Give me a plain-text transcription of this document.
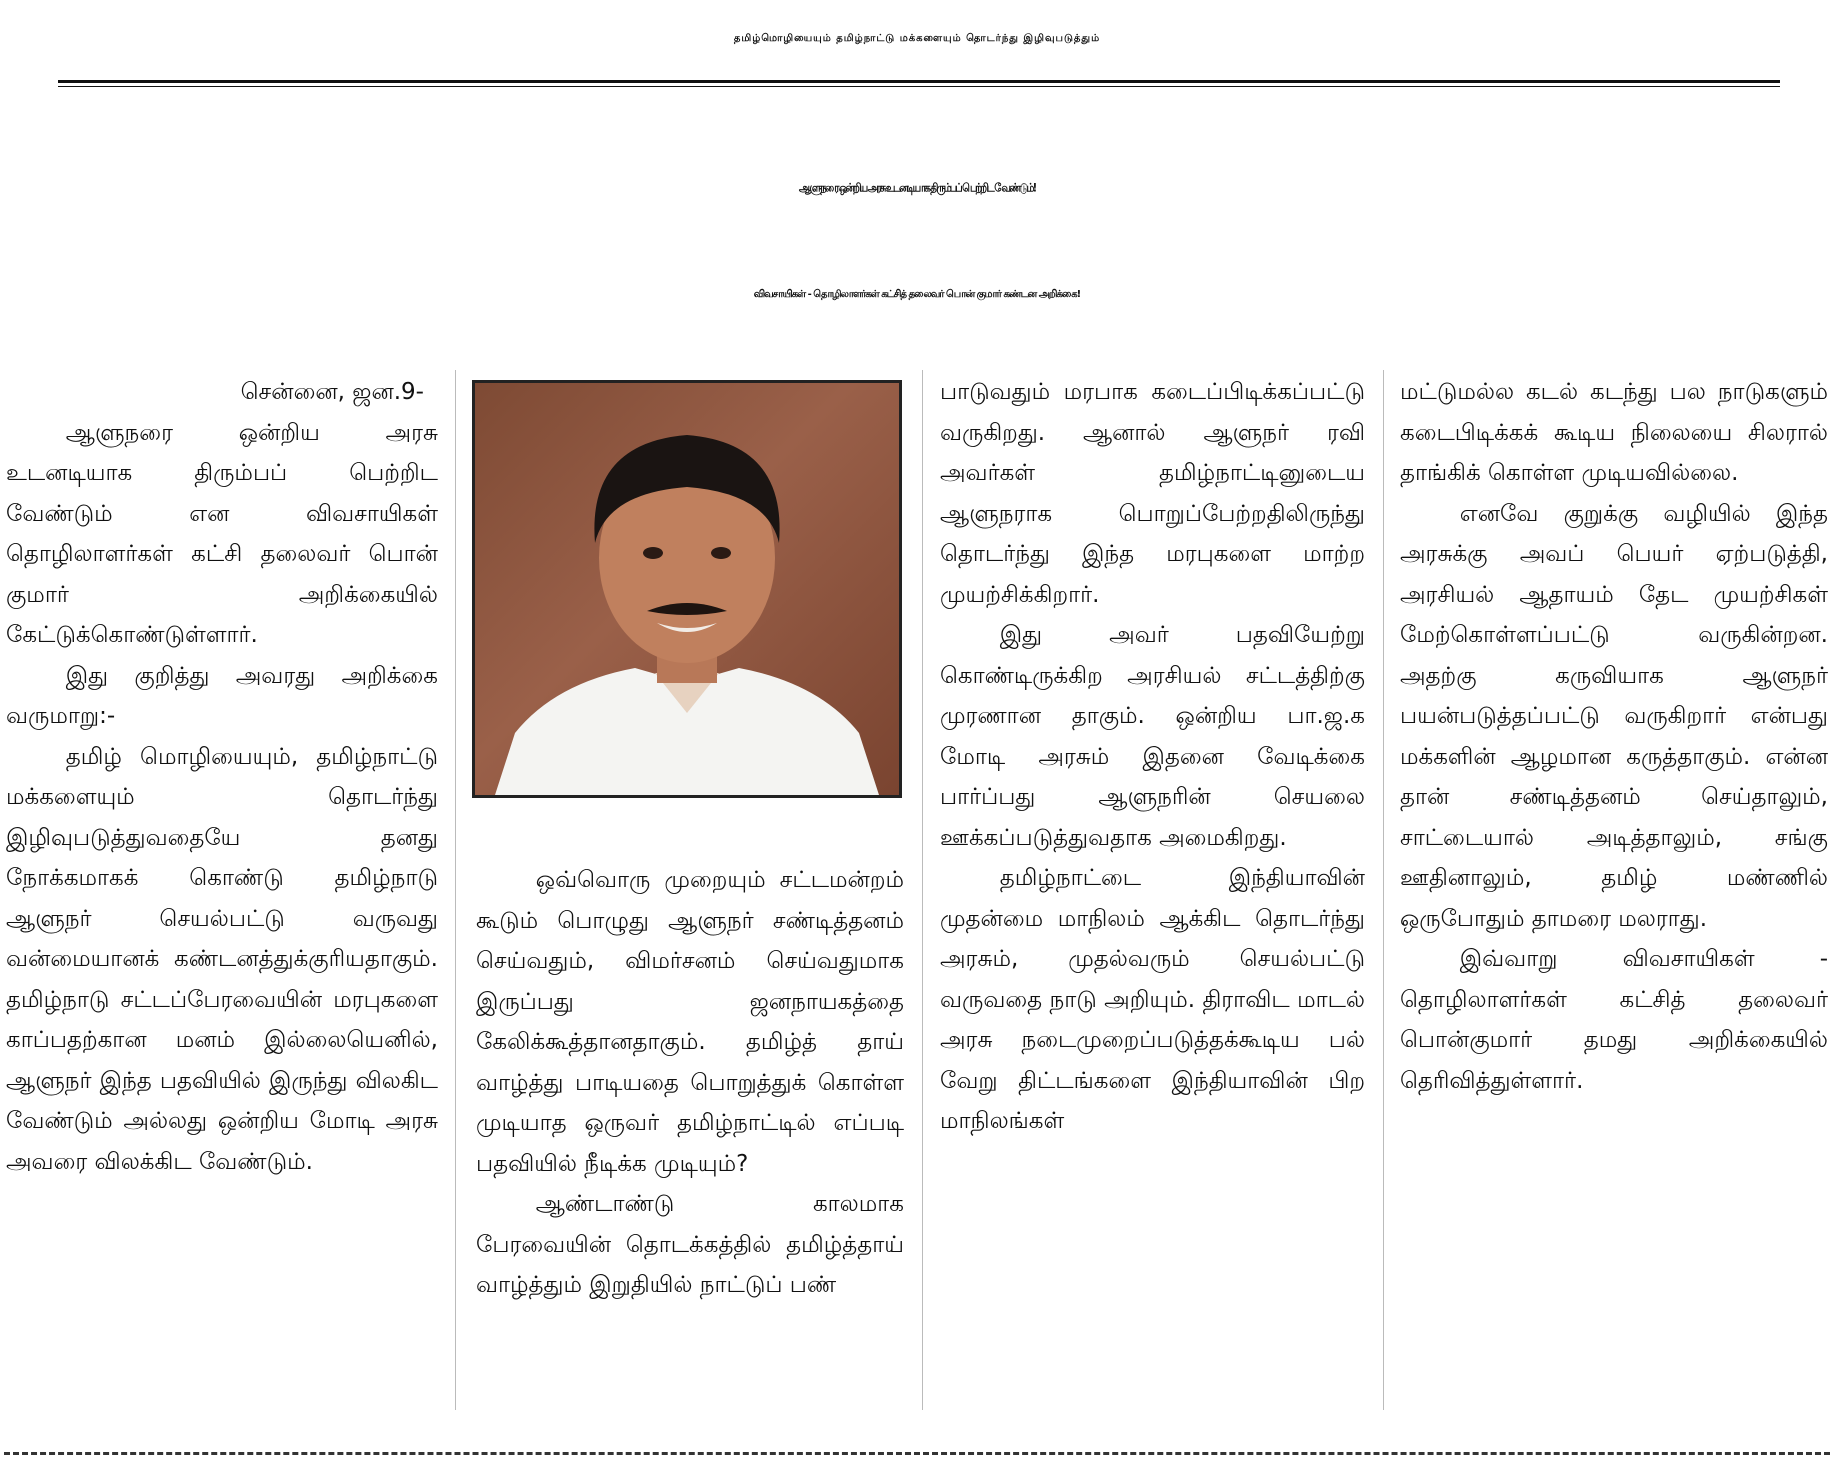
தமிழ்மொழியையும் தமிழ்நாட்டு மக்களையும் தொடர்ந்து இழிவுபடுத்தும்
ஆளுநரை ஒன்றிய அரசு உடனடியாக திரும்பப் பெற்றிட வேண்டும்!
விவசாயிகள் - தொழிலாளர்கள் கட்சித் தலைவர் பொன் குமார் கண்டன அறிக்கை!
சென்னை, ஜன.9-

ஆளுநரை ஒன்றிய அரசு உடனடியாக திரும்பப் பெற்றிட வேண்டும் என விவசாயிகள் தொழிலாளர்கள் கட்சி தலைவர் பொன் குமார் அறிக்கையில் கேட்டுக்கொண்டுள்ளார்.

இது குறித்து அவரது அறிக்கை வருமாறு:-

தமிழ் மொழியையும், தமிழ்நாட்டு மக்களையும் தொடர்ந்து இழிவுபடுத்துவதையே தனது நோக்கமாகக் கொண்டு தமிழ்நாடு ஆளுநர் செயல்பட்டு வருவது வன்மையானக் கண்டனத்துக்குரியதாகும். தமிழ்நாடு சட்டப்பேரவையின் மரபுகளை காப்பதற்கான மனம் இல்லையெனில், ஆளுநர் இந்த பதவியில் இருந்து விலகிட வேண்டும் அல்லது ஒன்றிய மோடி அரசு அவரை விலக்கிட வேண்டும்.

ஒவ்வொரு முறையும் சட்டமன்றம் கூடும் பொழுது ஆளுநர் சண்டித்தனம் செய்வதும், விமர்சனம் செய்வதுமாக இருப்பது ஜனநாயகத்தை கேலிக்கூத்தானதாகும். தமிழ்த் தாய் வாழ்த்து பாடியதை பொறுத்துக் கொள்ள முடியாத ஒருவர் தமிழ்நாட்டில் எப்படி பதவியில் நீடிக்க முடியும்?

ஆண்டாண்டு காலமாக பேரவையின் தொடக்கத்தில் தமிழ்த்தாய் வாழ்த்தும் இறுதியில் நாட்டுப் பண்

பாடுவதும் மரபாக கடைப்பிடிக்கப்பட்டு வருகிறது. ஆனால் ஆளுநர் ரவி அவர்கள் தமிழ்நாட்டினுடைய ஆளுநராக பொறுப்பேற்றதிலிருந்து தொடர்ந்து இந்த மரபுகளை மாற்ற முயற்சிக்கிறார்.

இது அவர் பதவியேற்று கொண்டிருக்கிற அரசியல் சட்டத்திற்கு முரணான தாகும். ஒன்றிய பா.ஜ.க மோடி அரசும் இதனை வேடிக்கை பார்ப்பது ஆளுநரின் செயலை ஊக்கப்படுத்துவதாக அமைகிறது.

தமிழ்நாட்டை இந்தியாவின் முதன்மை மாநிலம் ஆக்கிட தொடர்ந்து அரசும், முதல்வரும் செயல்பட்டு வருவதை நாடு அறியும். திராவிட மாடல் அரசு நடைமுறைப்படுத்தக்கூடிய பல் வேறு திட்டங்களை இந்தியாவின் பிற மாநிலங்கள்

மட்டுமல்ல கடல் கடந்து பல நாடுகளும் கடைபிடிக்கக் கூடிய நிலையை சிலரால் தாங்கிக் கொள்ள முடியவில்லை.

எனவே குறுக்கு வழியில் இந்த அரசுக்கு அவப் பெயர் ஏற்படுத்தி, அரசியல் ஆதாயம் தேட முயற்சிகள் மேற்கொள்ளப்பட்டு வருகின்றன. அதற்கு கருவியாக ஆளுநர் பயன்படுத்தப்பட்டு வருகிறார் என்பது மக்களின் ஆழமான கருத்தாகும். என்ன தான் சண்டித்தனம் செய்தாலும், சாட்டையால் அடித்தாலும், சங்கு ஊதினாலும், தமிழ் மண்ணில் ஒருபோதும் தாமரை மலராது.

இவ்வாறு விவசாயிகள் - தொழிலாளர்கள் கட்சித் தலைவர் பொன்குமார் தமது அறிக்கையில் தெரிவித்துள்ளார்.
